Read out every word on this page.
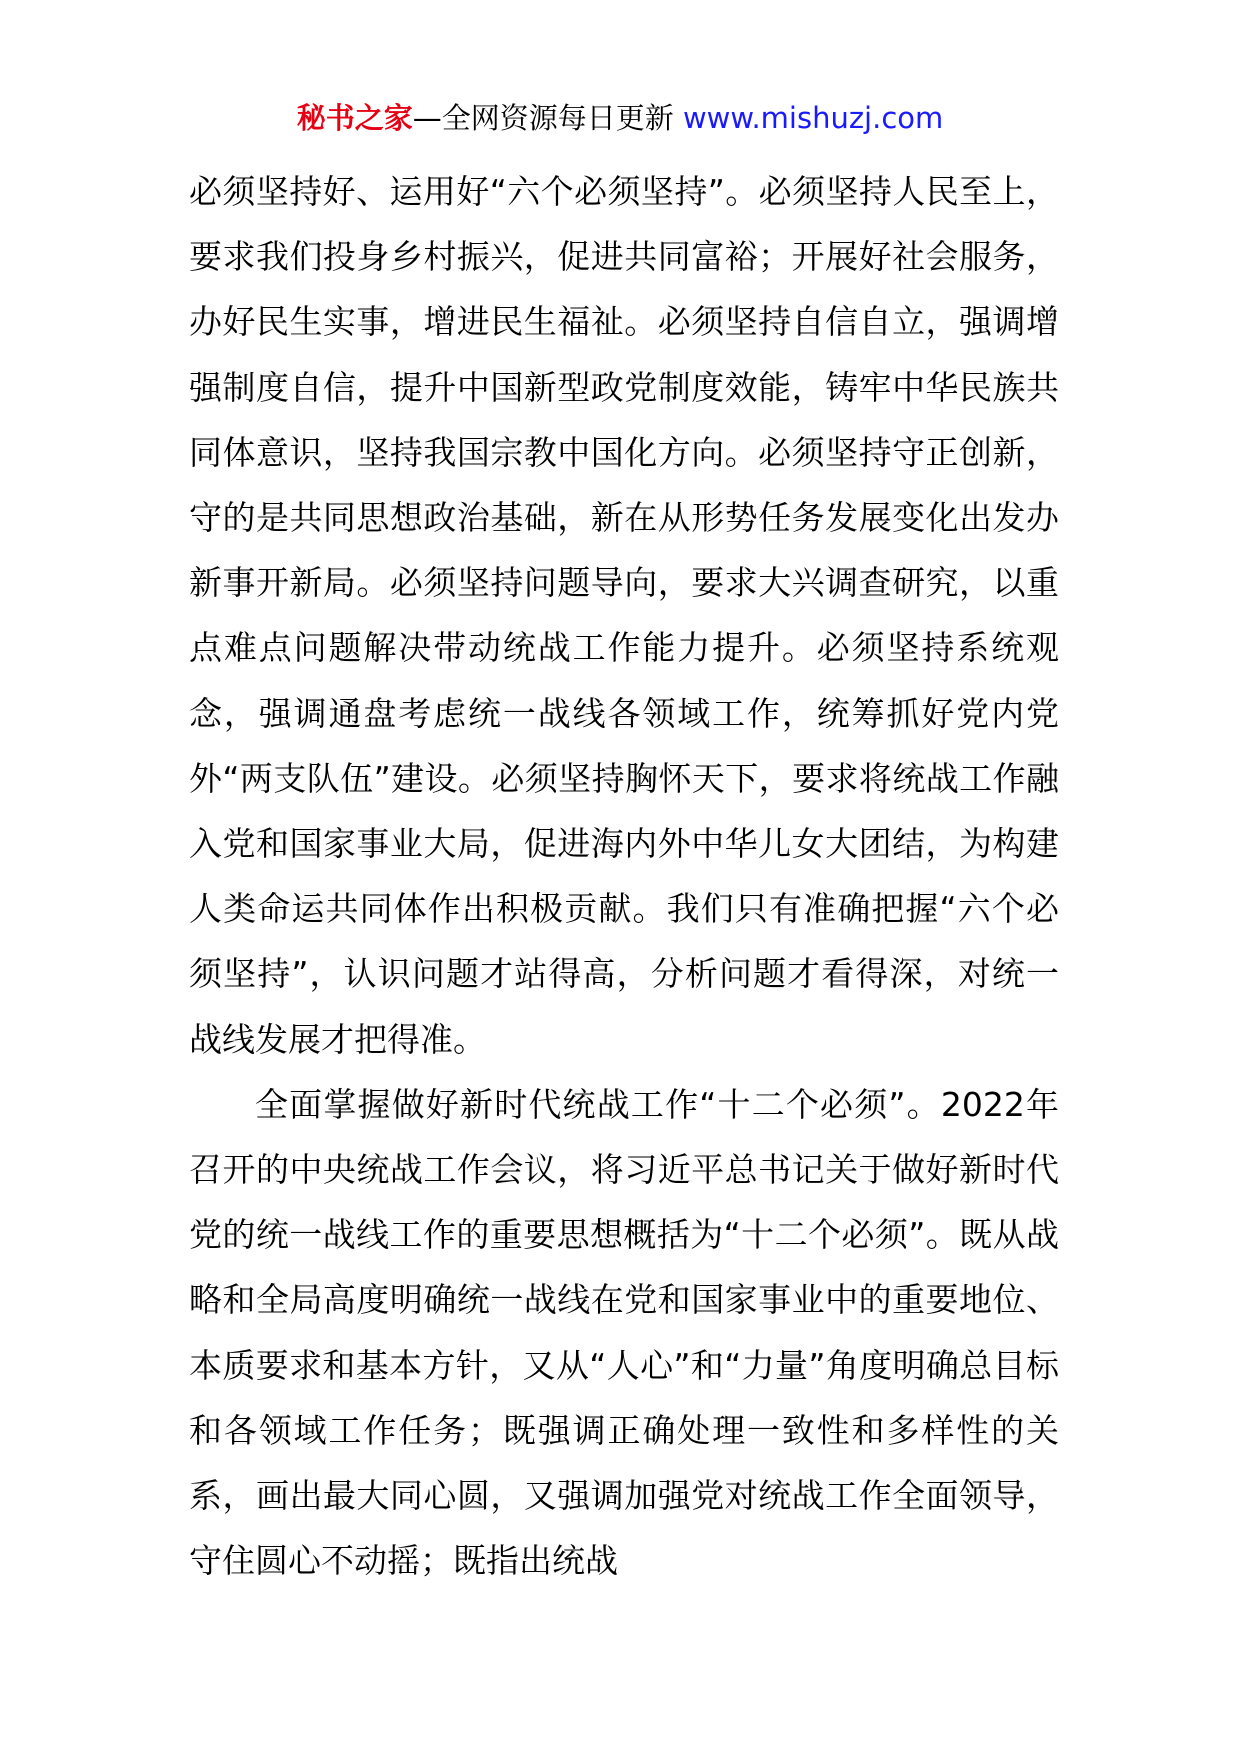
秘书之家—全网资源每日更新 www.mishuzj.com

必须坚持好、运用好“六个必须坚持”。必须坚持人民至上，要求我们投身乡村振兴，促进共同富裕；开展好社会服务，办好民生实事，增进民生福祉。必须坚持自信自立，强调增强制度自信，提升中国新型政党制度效能，铸牢中华民族共同体意识，坚持我国宗教中国化方向。必须坚持守正创新，守的是共同思想政治基础，新在从形势任务发展变化出发办新事开新局。必须坚持问题导向，要求大兴调查研究，以重点难点问题解决带动统战工作能力提升。必须坚持系统观念，强调通盘考虑统一战线各领域工作，统筹抓好党内党外“两支队伍”建设。必须坚持胸怀天下，要求将统战工作融入党和国家事业大局，促进海内外中华儿女大团结，为构建人类命运共同体作出积极贡献。我们只有准确把握“六个必须坚持”，认识问题才站得高，分析问题才看得深，对统一战线发展才把得准。

全面掌握做好新时代统战工作“十二个必须”。2022年召开的中央统战工作会议，将习近平总书记关于做好新时代党的统一战线工作的重要思想概括为“十二个必须”。既从战略和全局高度明确统一战线在党和国家事业中的重要地位、本质要求和基本方针，又从“人心”和“力量”角度明确总目标和各领域工作任务；既强调正确处理一致性和多样性的关系，画出最大同心圆，又强调加强党对统战工作全面领导，守住圆心不动摇；既指出统战
